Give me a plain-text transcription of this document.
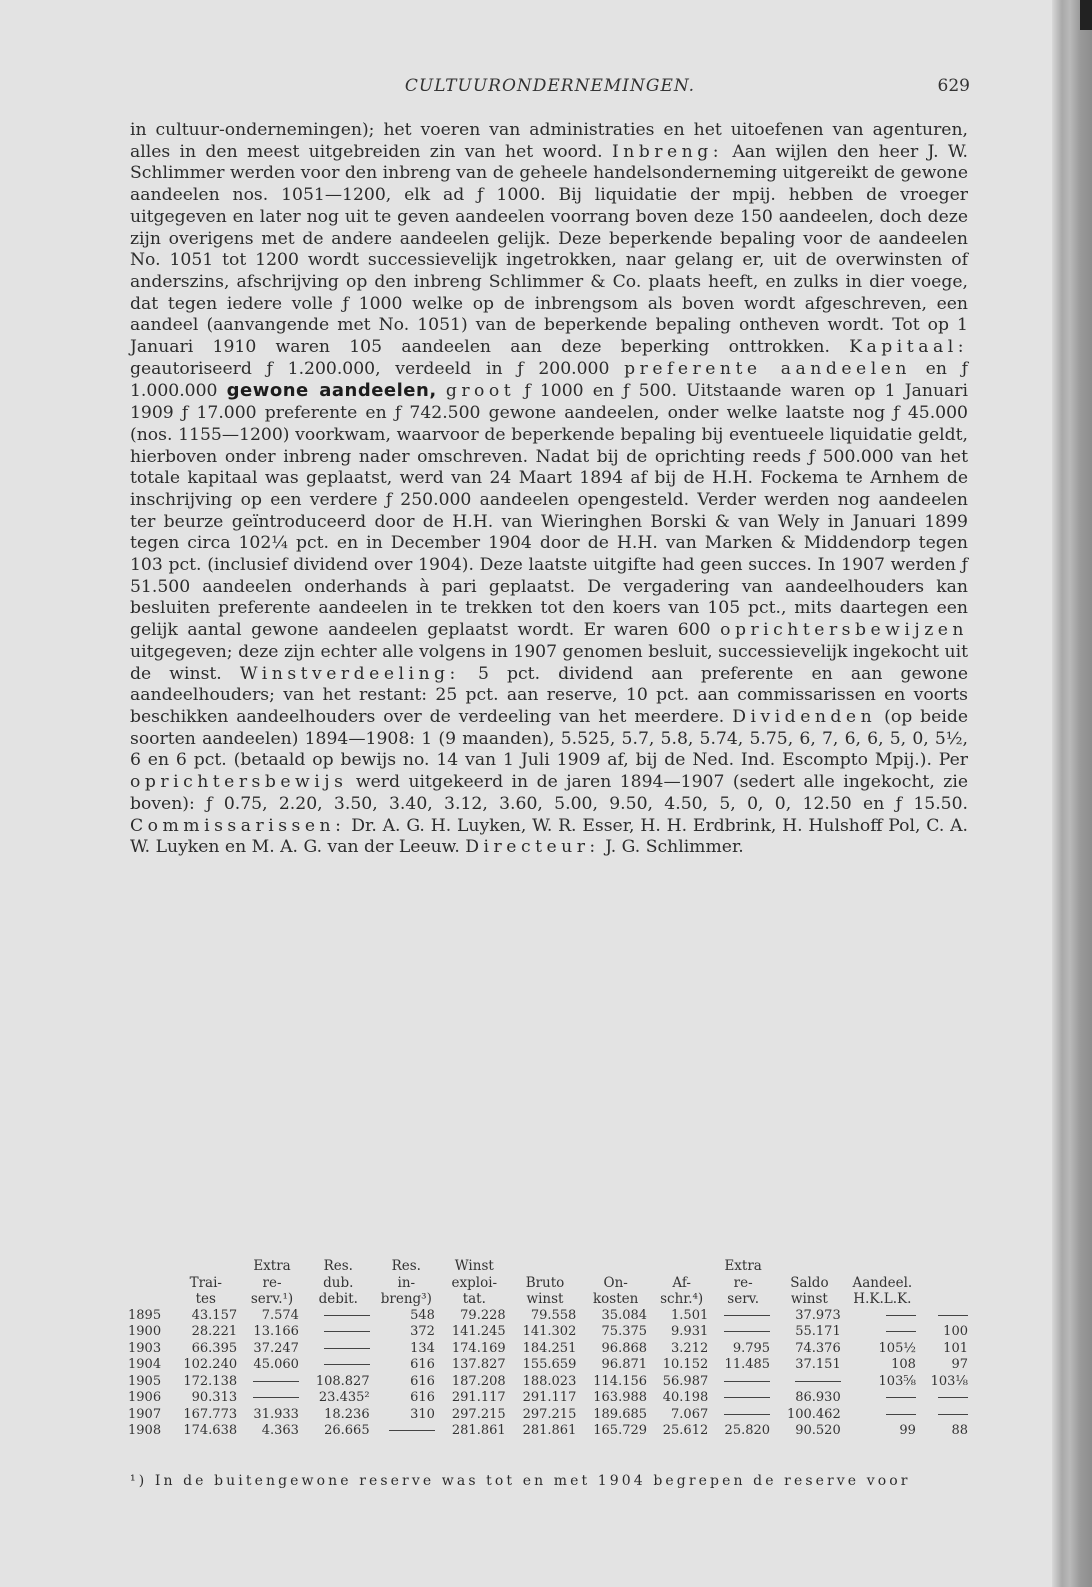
CULTUURONDERNEMINGEN.	629

in cultuur-ondernemingen); het voeren van administraties en het uitoefenen van agenturen, alles in den meest uitgebreiden zin van het woord. Inbreng: Aan wijlen den heer J. W. Schlimmer werden voor den inbreng van de geheele handelsonderneming uitgereikt de gewone aandeelen nos. 1051—1200, elk ad ƒ 1000. Bij liquidatie der mpij. hebben de vroeger uitgegeven en later nog uit te geven aandeelen voorrang boven deze 150 aandeelen, doch deze zijn overigens met de andere aandeelen gelijk. Deze beperkende bepaling voor de aandeelen No. 1051 tot 1200 wordt successievelijk ingetrokken, naar gelang er, uit de overwinsten of anderszins, afschrijving op den inbreng Schlimmer & Co. plaats heeft, en zulks in dier voege, dat tegen iedere volle ƒ 1000 welke op de inbrengsom als boven wordt afgeschreven, een aandeel (aanvangende met No. 1051) van de beperkende bepaling ontheven wordt. Tot op 1 Januari 1910 waren 105 aandeelen aan deze beperking onttrokken. Kapitaal: geautoriseerd ƒ 1.200.000, verdeeld in ƒ 200.000 preferente aandeelen en ƒ 1.000.000 gewone aandeelen, groot ƒ 1000 en ƒ 500. Uitstaande waren op 1 Januari 1909 ƒ 17.000 preferente en ƒ 742.500 gewone aandeelen, onder welke laatste nog ƒ 45.000 (nos. 1155—1200) voorkwam, waarvoor de beperkende bepaling bij eventueele liquidatie geldt, hierboven onder inbreng nader omschreven. Nadat bij de oprichting reeds ƒ 500.000 van het totale kapitaal was geplaatst, werd van 24 Maart 1894 af bij de H.H. Fockema te Arnhem de inschrijving op een verdere ƒ 250.000 aandeelen opengesteld. Verder werden nog aandeelen ter beurze geïntroduceerd door de H.H. van Wieringhen Borski & van Wely in Januari 1899 tegen circa 102¼ pct. en in December 1904 door de H.H. van Marken & Middendorp tegen 103 pct. (inclusief dividend over 1904). Deze laatste uitgifte had geen succes. In 1907 werden ƒ 51.500 aandeelen onderhands à pari geplaatst. De vergadering van aandeelhouders kan besluiten preferente aandeelen in te trekken tot den koers van 105 pct., mits daartegen een gelijk aantal gewone aandeelen geplaatst wordt. Er waren 600 oprichtersbewijzen uitgegeven; deze zijn echter alle volgens in 1907 genomen besluit, successievelijk ingekocht uit de winst. Winstverdeeling: 5 pct. dividend aan preferente en aan gewone aandeelhouders; van het restant: 25 pct. aan reserve, 10 pct. aan commissarissen en voorts beschikken aandeelhouders over de verdeeling van het meerdere. Dividenden (op beide soorten aandeelen) 1894—1908: 1 (9 maanden), 5.525, 5.7, 5.8, 5.74, 5.75, 6, 7, 6, 6, 5, 0, 5½, 6 en 6 pct. (betaald op bewijs no. 14 van 1 Juli 1909 af, bij de Ned. Ind. Escompto Mpij.). Per oprichtersbewijs werd uitgekeerd in de jaren 1894—1907 (sedert alle ingekocht, zie boven): ƒ 0.75, 2.20, 3.50, 3.40, 3.12, 3.60, 5.00, 9.50, 4.50, 5, 0, 0, 12.50 en ƒ 15.50. Commissarissen: Dr. A. G. H. Luyken, W. R. Esser, H. H. Erdbrink, H. Hulshoff Pol, C. A. W. Luyken en M. A. G. van der Leeuw. Directeur: J. G. Schlimmer.

		Extra	Res.	Res.	Winst				Extra			
	Trai-	re-	dub.	in-	exploi-	Bruto	On-	Af-	re-	Saldo	Aandeel.	
	tes	serv.¹)	debit.	breng³)	tat.	winst	kosten	schr.⁴)	serv.	winst	H.K.L.K.	
1895	43.157	7.574		548	79.228	79.558	35.084	1.501		37.973		
1900	28.221	13.166		372	141.245	141.302	75.375	9.931		55.171		100
1903	66.395	37.247		134	174.169	184.251	96.868	3.212	9.795	74.376	105½	101
1904	102.240	45.060		616	137.827	155.659	96.871	10.152	11.485	37.151	108	97
1905	172.138		108.827	616	187.208	188.023	114.156	56.987			103⅝	103⅛
1906	90.313		23.435²	616	291.117	291.117	163.988	40.198		86.930		
1907	167.773	31.933	18.236	310	297.215	297.215	189.685	7.067		100.462		
1908	174.638	4.363	26.665		281.861	281.861	165.729	25.612	25.820	90.520	99	88
¹) In de buitengewone reserve was tot en met 1904 begrepen de reserve voor
